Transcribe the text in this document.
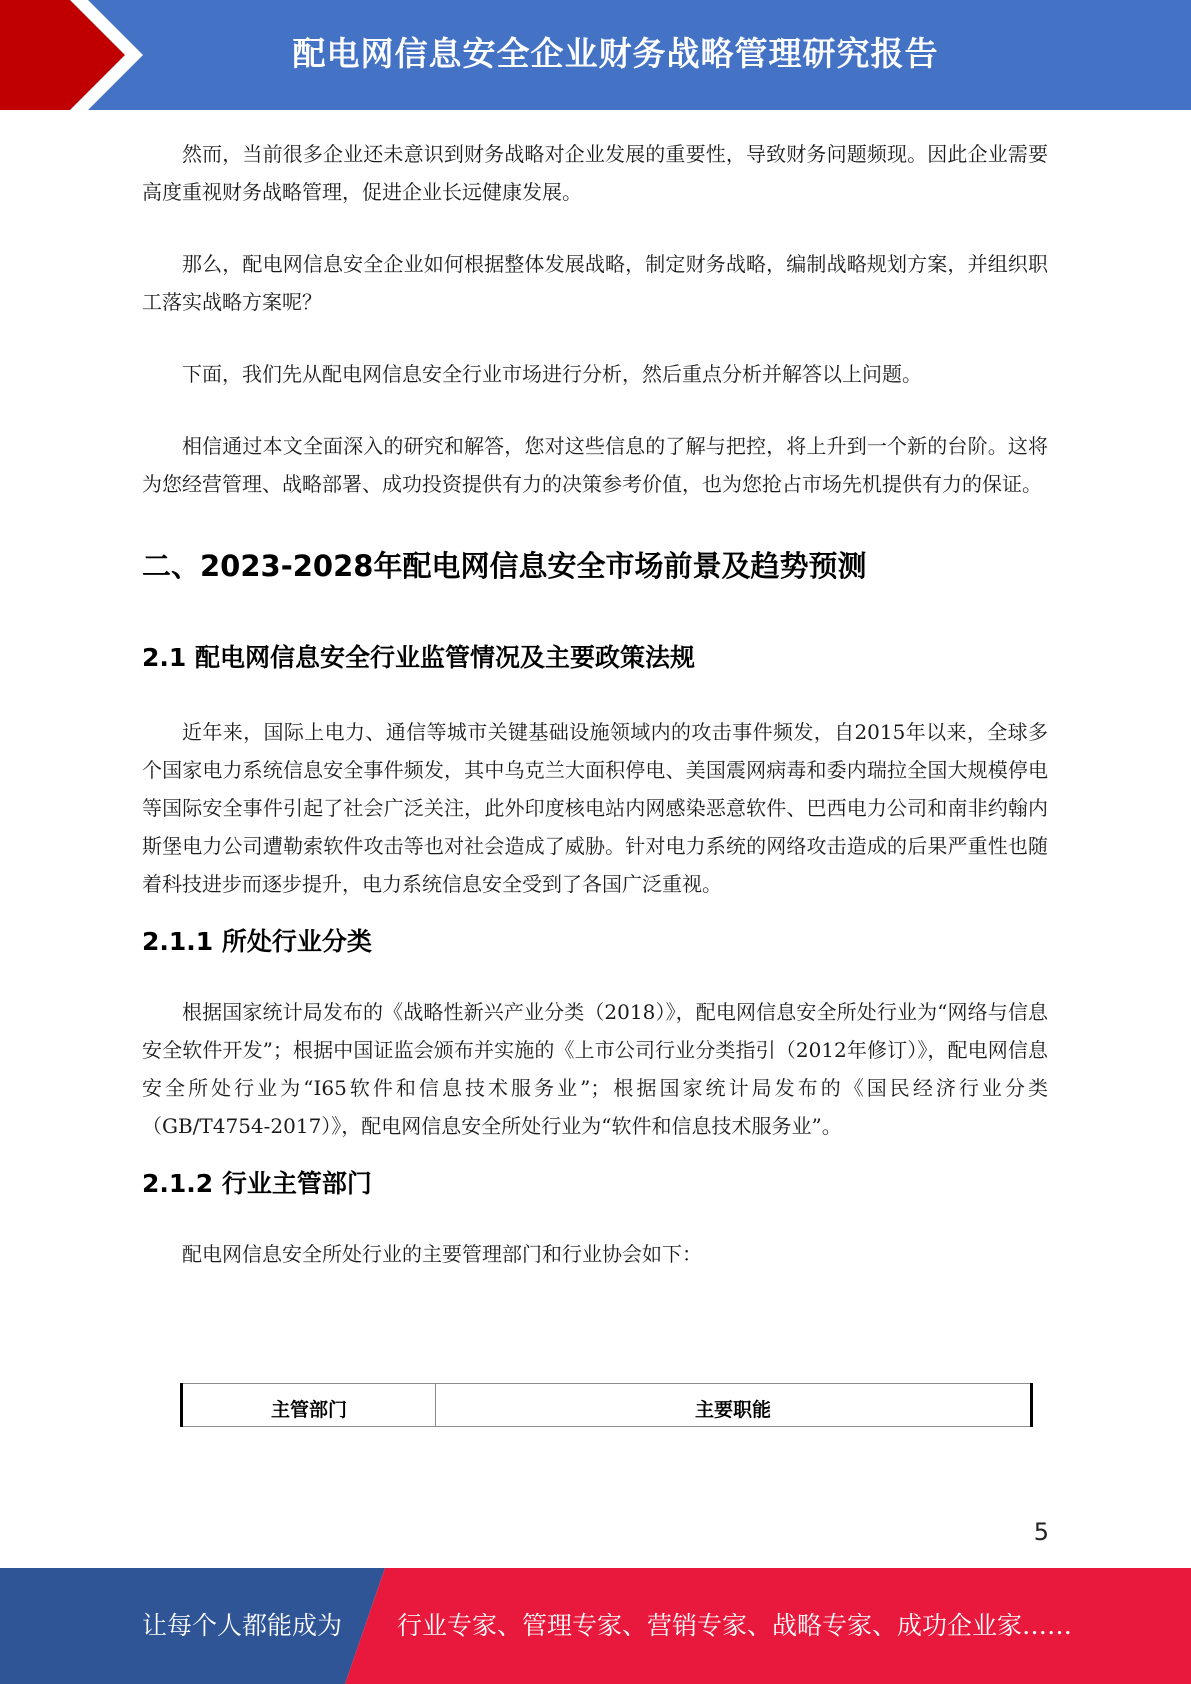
配电网信息安全企业财务战略管理研究报告

然而，当前很多企业还未意识到财务战略对企业发展的重要性，导致财务问题频现。因此企业需要高度重视财务战略管理，促进企业长远健康发展。

那么，配电网信息安全企业如何根据整体发展战略，制定财务战略，编制战略规划方案，并组织职工落实战略方案呢？

下面，我们先从配电网信息安全行业市场进行分析，然后重点分析并解答以上问题。

相信通过本文全面深入的研究和解答，您对这些信息的了解与把控，将上升到一个新的台阶。这将为您经营管理、战略部署、成功投资提供有力的决策参考价值，也为您抢占市场先机提供有力的保证。

二、2023-2028年配电网信息安全市场前景及趋势预测
2.1 配电网信息安全行业监管情况及主要政策法规

近年来，国际上电力、通信等城市关键基础设施领域内的攻击事件频发，自2015年以来，全球多个国家电力系统信息安全事件频发，其中乌克兰大面积停电、美国震网病毒和委内瑞拉全国大规模停电等国际安全事件引起了社会广泛关注，此外印度核电站内网感染恶意软件、巴西电力公司和南非约翰内斯堡电力公司遭勒索软件攻击等也对社会造成了威胁。针对电力系统的网络攻击造成的后果严重性也随着科技进步而逐步提升，电力系统信息安全受到了各国广泛重视。

2.1.1 所处行业分类

根据国家统计局发布的《战略性新兴产业分类（2018）》，配电网信息安全所处行业为“网络与信息安全软件开发”；根据中国证监会颁布并实施的《上市公司行业分类指引（2012年修订）》，配电网信息安全所处行业为“I65软件和信息技术服务业”；根据国家统计局发布的《国民经济行业分类（GB/T4754-2017）》，配电网信息安全所处行业为“软件和信息技术服务业”。

2.1.2 行业主管部门

配电网信息安全所处行业的主要管理部门和行业协会如下：

主管部门	主要职能

5

让每个人都能成为 行业专家、管理专家、营销专家、战略专家、成功企业家……
